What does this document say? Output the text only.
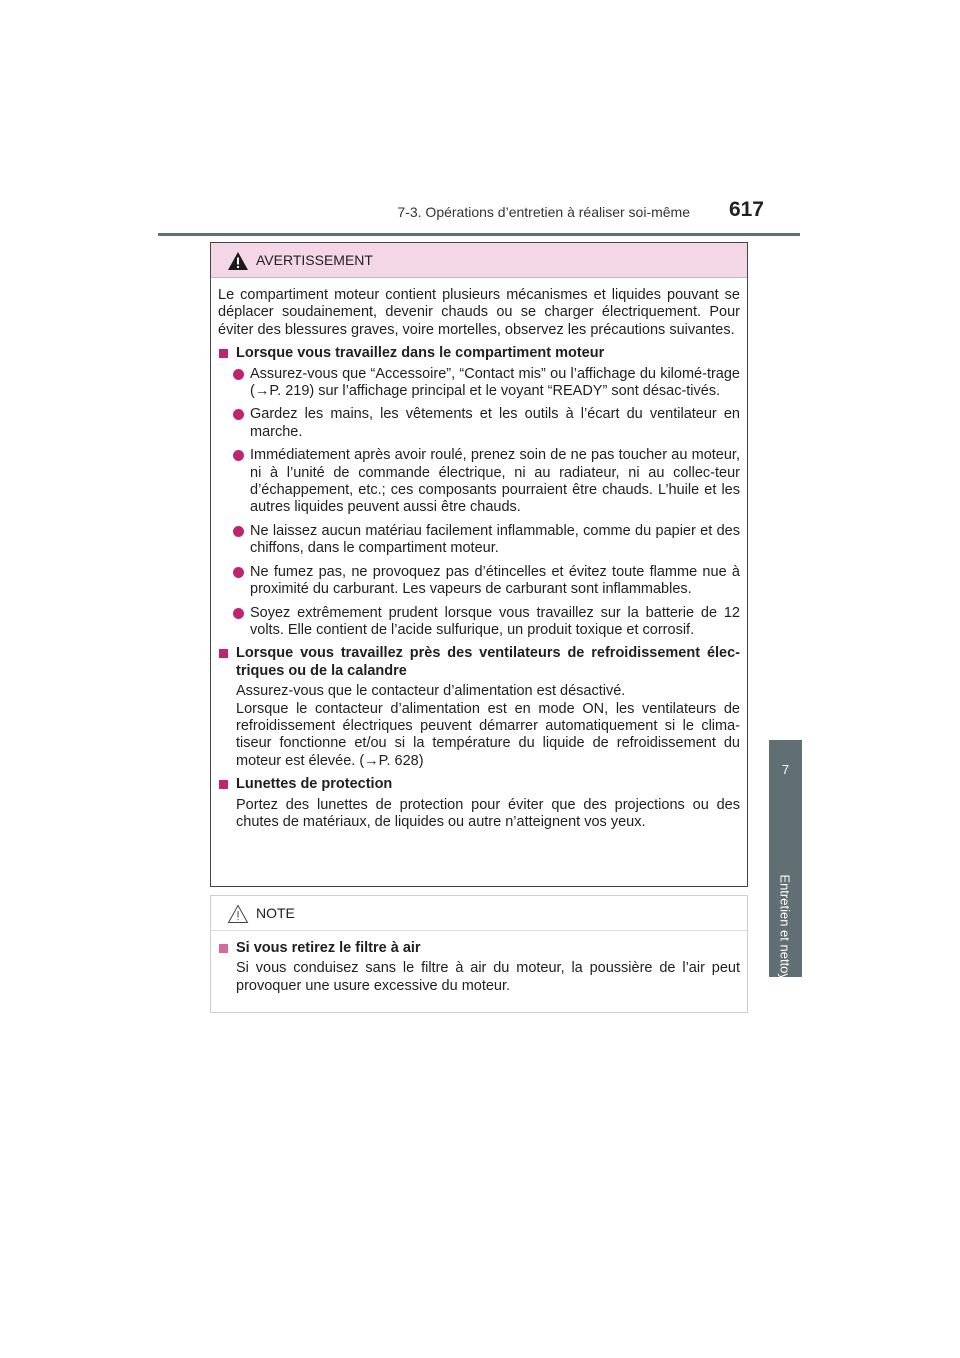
7-3. Opérations d’entretien à réaliser soi-même	617
7
Entretien et nettoyage
AVERTISSEMENT

Le compartiment moteur contient plusieurs mécanismes et liquides pouvant se déplacer soudainement, devenir chauds ou se charger électriquement. Pour éviter des blessures graves, voire mortelles, observez les précautions suivantes.

Lorsque vous travaillez dans le compartiment moteur
Assurez-vous que “Accessoire”, “Contact mis” ou l’affichage du kilomé-trage (→P. 219) sur l’affichage principal et le voyant “READY” sont désac-tivés.
Gardez les mains, les vêtements et les outils à l’écart du ventilateur en marche.
Immédiatement après avoir roulé, prenez soin de ne pas toucher au moteur, ni à l’unité de commande électrique, ni au radiateur, ni au collec-teur d’échappement, etc.; ces composants pourraient être chauds. L’huile et les autres liquides peuvent aussi être chauds.
Ne laissez aucun matériau facilement inflammable, comme du papier et des chiffons, dans le compartiment moteur.
Ne fumez pas, ne provoquez pas d’étincelles et évitez toute flamme nue à proximité du carburant. Les vapeurs de carburant sont inflammables.
Soyez extrêmement prudent lorsque vous travaillez sur la batterie de 12 volts. Elle contient de l’acide sulfurique, un produit toxique et corrosif.
Lorsque vous travaillez près des ventilateurs de refroidissement élec-triques ou de la calandre
Assurez-vous que le contacteur d’alimentation est désactivé.
Lorsque le contacteur d’alimentation est en mode ON, les ventilateurs de refroidissement électriques peuvent démarrer automatiquement si le clima-tiseur fonctionne et/ou si la température du liquide de refroidissement du moteur est élevée. (→P. 628)
Lunettes de protection
Portez des lunettes de protection pour éviter que des projections ou des chutes de matériaux, de liquides ou autre n’atteignent vos yeux.
NOTE
Si vous retirez le filtre à air
Si vous conduisez sans le filtre à air du moteur, la poussière de l’air peut provoquer une usure excessive du moteur.
